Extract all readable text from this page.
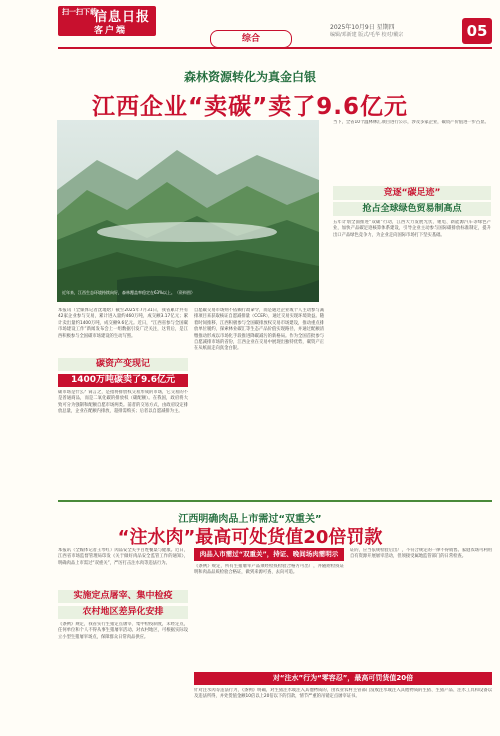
扫一扫下载
信息日报
客户端
综合
2025年10月9日 星期四
编辑/邓新建 版式/毛华 校对/戴宗	05
森林资源转化为真金白银
江西企业“卖碳”卖了9.6亿元
近年来，江西生态环境持续向好，森林覆盖率稳定在63%以上。（资料图）
当下，全省10个温林林汇项目进行公示，涉及多家企业，碳资产价值进一步凸显。
竞逐“碳足迹”
抢占全球绿色贸易制高点
五年计划全面推进“双碳”行动，江西大力发展光伏、锂电、新能源汽车等绿色产业，加快产品碳足迹核算体系建设，引导企业主动参与国际碳排放标准制定，提升出口产品绿色竞争力，为企业走向国际市场打下坚实基础。
本报讯（全媒体记者沈琨晗）截至2025年7月31日，我省累计共有42家企业参与交易，累计进入量约460万吨，成交额3.17亿元；累计卖出量约1400万吨，成交额9.6亿元。近日，“江西省参与全国碳市场建设工作”新闻发布会上一组数据引发广泛关注，这背后，是江西积极参与全国碳市场建设的生动写照。
碳资产变现记
1400万吨碳卖了9.6亿元
碳市场是什么？简言之，是指将排放权交易形成的市场，它交易的不是普通商品，而是二氧化碳的排放权（碳配额）。在我国，政府将大致可分为强制和配额自愿市场两类。前者的交易方式，由政府设定排放总量，企业在配额内排放，超排需购买；后者以自愿减排为主。
自愿碳交易市场则不依赖行政命令，而是通过企业或个人主动参与减排项目来获取核证自愿减排量（CCER），通过交易实现环境效益。随着时间推移，江西积极参与全国碳排放权交易市场建设，推动重点排放单位履约，探索林业碳汇等生态产品价值实现路径，并通过配额清缴推动形成以市场化手段推进降碳减污的新格局。作为全国首批参与自愿减排市场的省份，江西企业在交易中展现出独特优势，碳资产正在从纸面走向真金白银。
江西明确肉品上市需过“双重关”
“注水肉”最高可处货值20倍罚款
本报讯（全媒体记者王琴红）肉品安全关乎百姓餐桌与健康。近日，江西省市场监督管理局印发《关于做好肉品安全监管工作的通知》，明确肉品上市需过“双重关”，严厉打击注水肉等违法行为。
实施定点屠宰、集中检疫
农村地区差异化安排
《条例》规定，我省实行生猪定点屠宰、集中检疫制度，未经定点，任何单位和个人不得从事生猪屠宰活动。对农村地区，可根据实际设立小型生猪屠宰场点，保障群众日常肉品供应。
肉品入市需过“双重关”，持证、晚间场肉需明示
《条例》规定，所有生猪屠宰产品须经检疫检验合格方可出厂，并随附检疫证明和肉品品质检验合格证，做到来源可查、去向可追。
对“注水”行为“零容忍”，最高可罚货值20倍
证的，应当依规检验后出厂，不符合规定的一律不得销售。家庭农场可利用自有资源开展屠宰活动，但须接受属地监管部门的日常检查。
针对注水肉等违法行为，《条例》明确，对生猪注水或注入其他物质的，由农业农村主管部门没收注水或注入其他物质的生猪、生猪产品、注水工具和设备以及违法所得，并处货值金额10倍以上20倍以下的罚款，情节严重的吊销定点屠宰证书。
